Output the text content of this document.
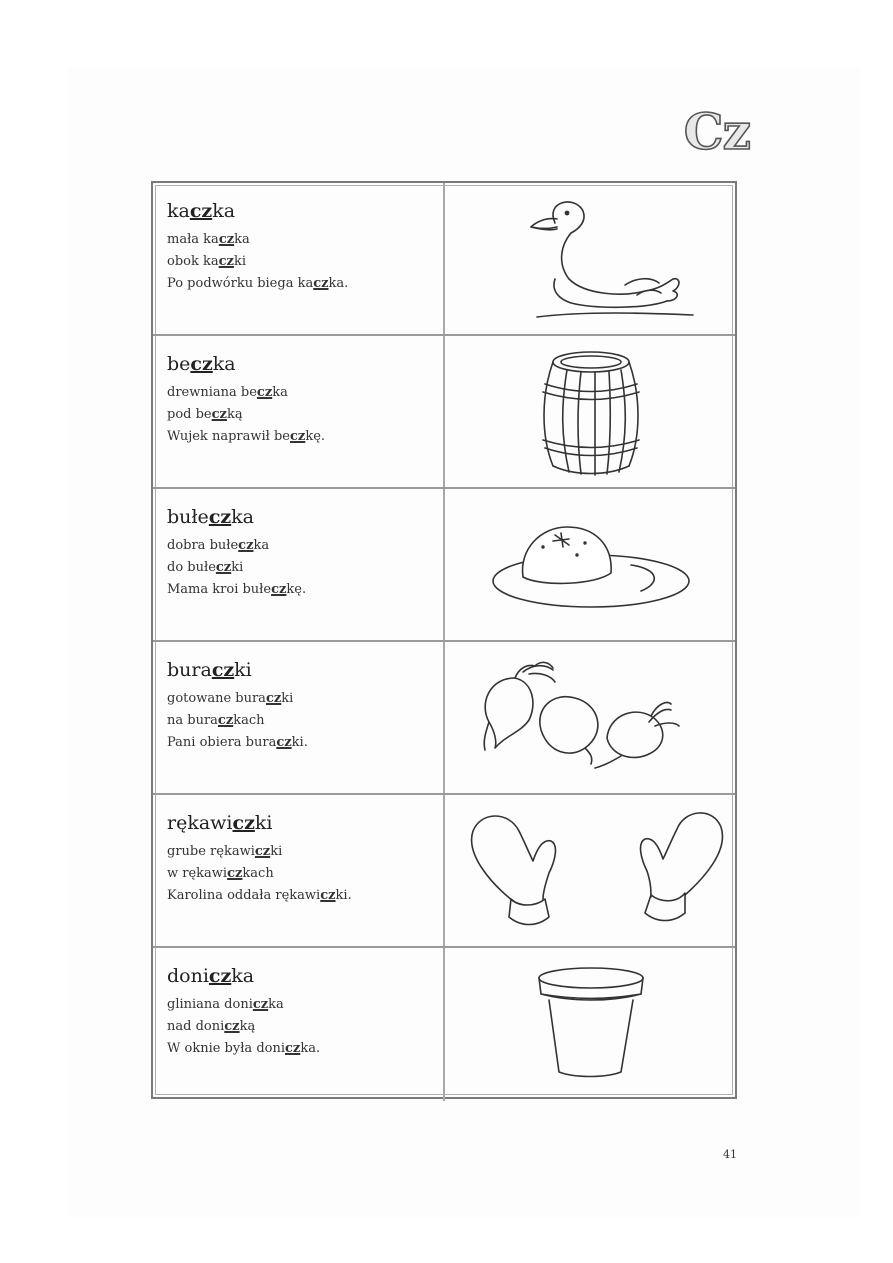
Cz

kaczka

mała kaczka

obok kaczki

Po podwórku biega kaczka.

beczka

drewniana beczka

pod beczką

Wujek naprawił beczkę.

bułeczka

dobra bułeczka

do bułeczki

Mama kroi bułeczkę.

buraczki

gotowane buraczki

na buraczkach

Pani obiera buraczki.

rękawiczki

grube rękawiczki

w rękawiczkach

Karolina oddała rękawiczki.

doniczka

gliniana doniczka

nad doniczką

W oknie była doniczka.

41
